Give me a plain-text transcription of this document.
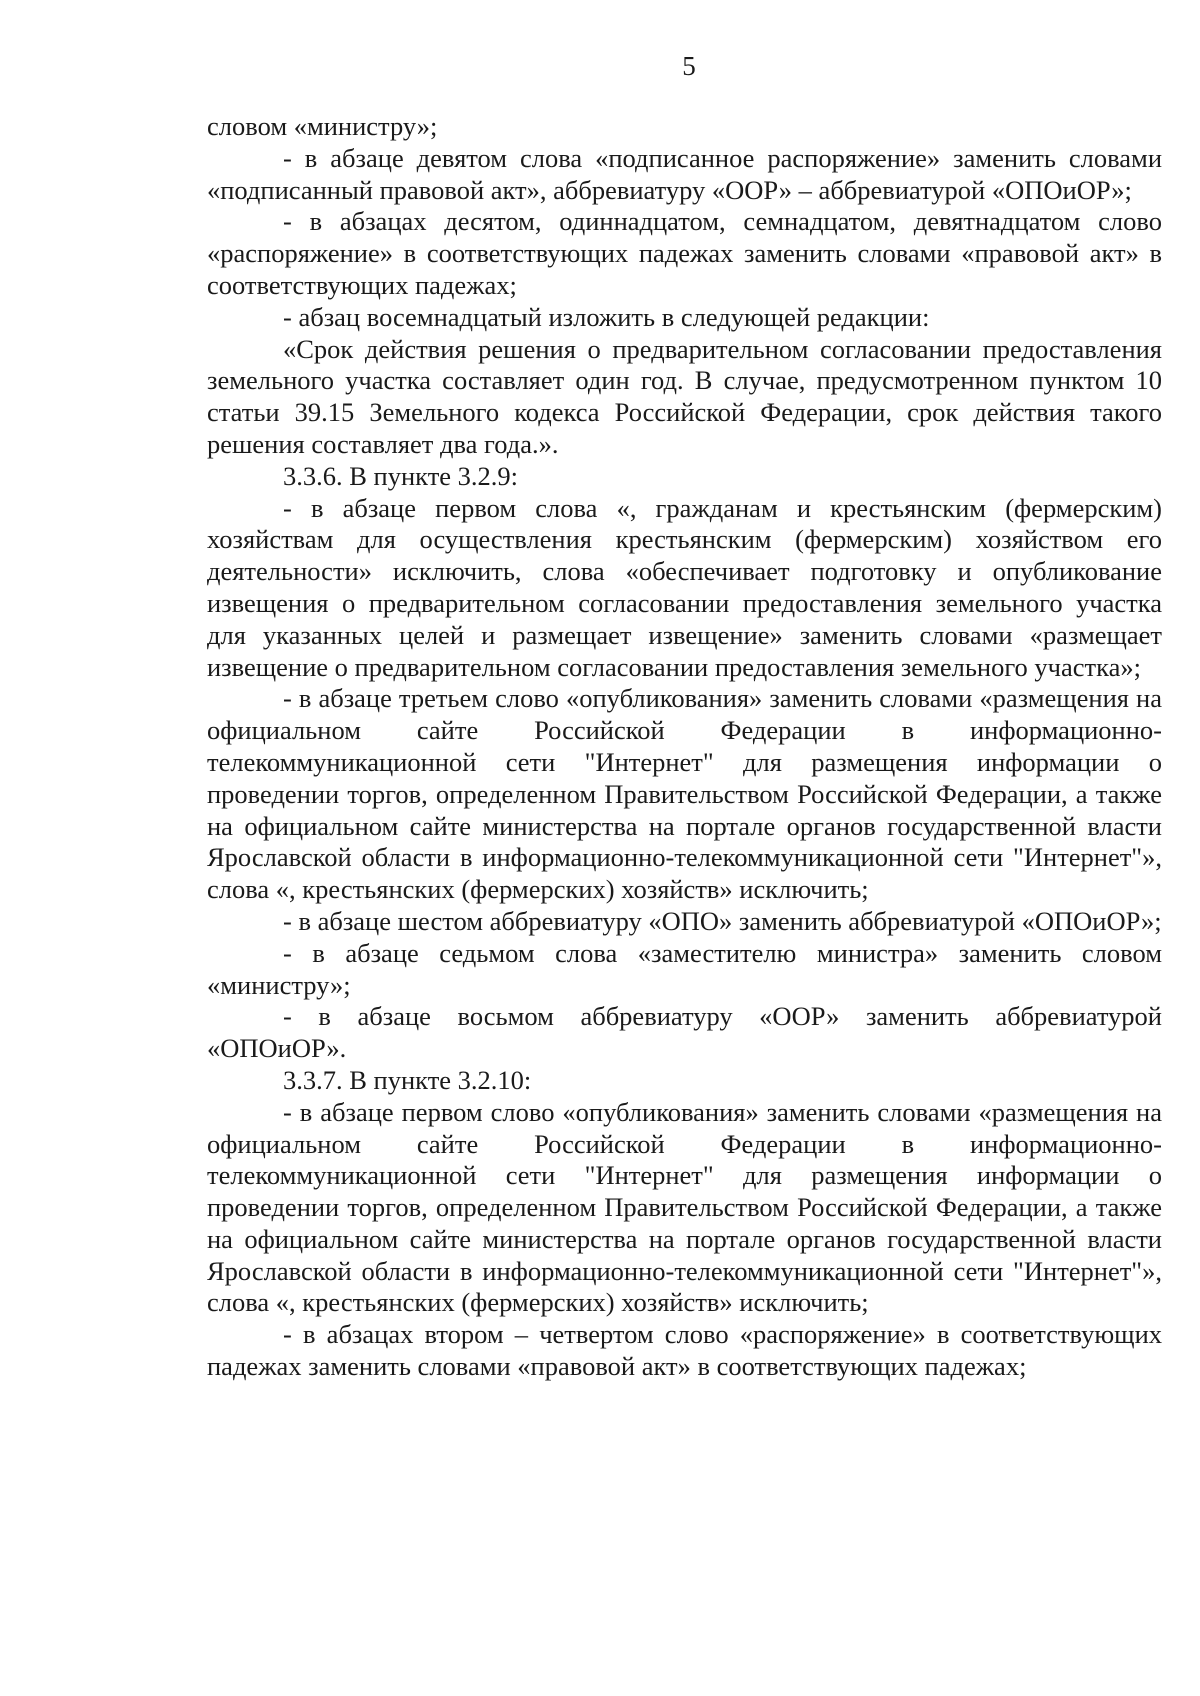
5

словом «министру»;

- в абзаце девятом слова «подписанное распоряжение» заменить словами «подписанный правовой акт», аббревиатуру «ООР» – аббревиатурой «ОПОиОР»;

- в абзацах десятом, одиннадцатом, семнадцатом, девятнадцатом слово «распоряжение» в соответствующих падежах заменить словами «правовой акт» в соответствующих падежах;

- абзац восемнадцатый изложить в следующей редакции:

«Срок действия решения о предварительном согласовании предоставления земельного участка составляет один год. В случае, предусмотренном пунктом 10 статьи 39.15 Земельного кодекса Российской Федерации, срок действия такого решения составляет два года.».

3.3.6. В пункте 3.2.9:

- в абзаце первом слова «, гражданам и крестьянским (фермерским) хозяйствам для осуществления крестьянским (фермерским) хозяйством его деятельности» исключить, слова «обеспечивает подготовку и опубликование извещения о предварительном согласовании предоставления земельного участка для указанных целей и размещает извещение» заменить словами «размещает извещение о предварительном согласовании предоставления земельного участка»;

- в абзаце третьем слово «опубликования» заменить словами «размещения на официальном сайте Российской Федерации в информационно-телекоммуникационной сети "Интернет" для размещения информации о проведении торгов, определенном Правительством Российской Федерации, а также на официальном сайте министерства на портале органов государственной власти Ярославской области в информационно-телекоммуникационной сети "Интернет"», слова «, крестьянских (фермерских) хозяйств» исключить;

- в абзаце шестом аббревиатуру «ОПО» заменить аббревиатурой «ОПОиОР»;

- в абзаце седьмом слова «заместителю министра» заменить словом «министру»;

- в абзаце восьмом аббревиатуру «ООР» заменить аббревиатурой «ОПОиОР».

3.3.7. В пункте 3.2.10:

- в абзаце первом слово «опубликования» заменить словами «размещения на официальном сайте Российской Федерации в информационно-телекоммуникационной сети "Интернет" для размещения информации о проведении торгов, определенном Правительством Российской Федерации, а также на официальном сайте министерства на портале органов государственной власти Ярославской области в информационно-телекоммуникационной сети "Интернет"», слова «, крестьянских (фермерских) хозяйств» исключить;

- в абзацах втором – четвертом слово «распоряжение» в соответствующих падежах заменить словами «правовой акт» в соответствующих падежах;
